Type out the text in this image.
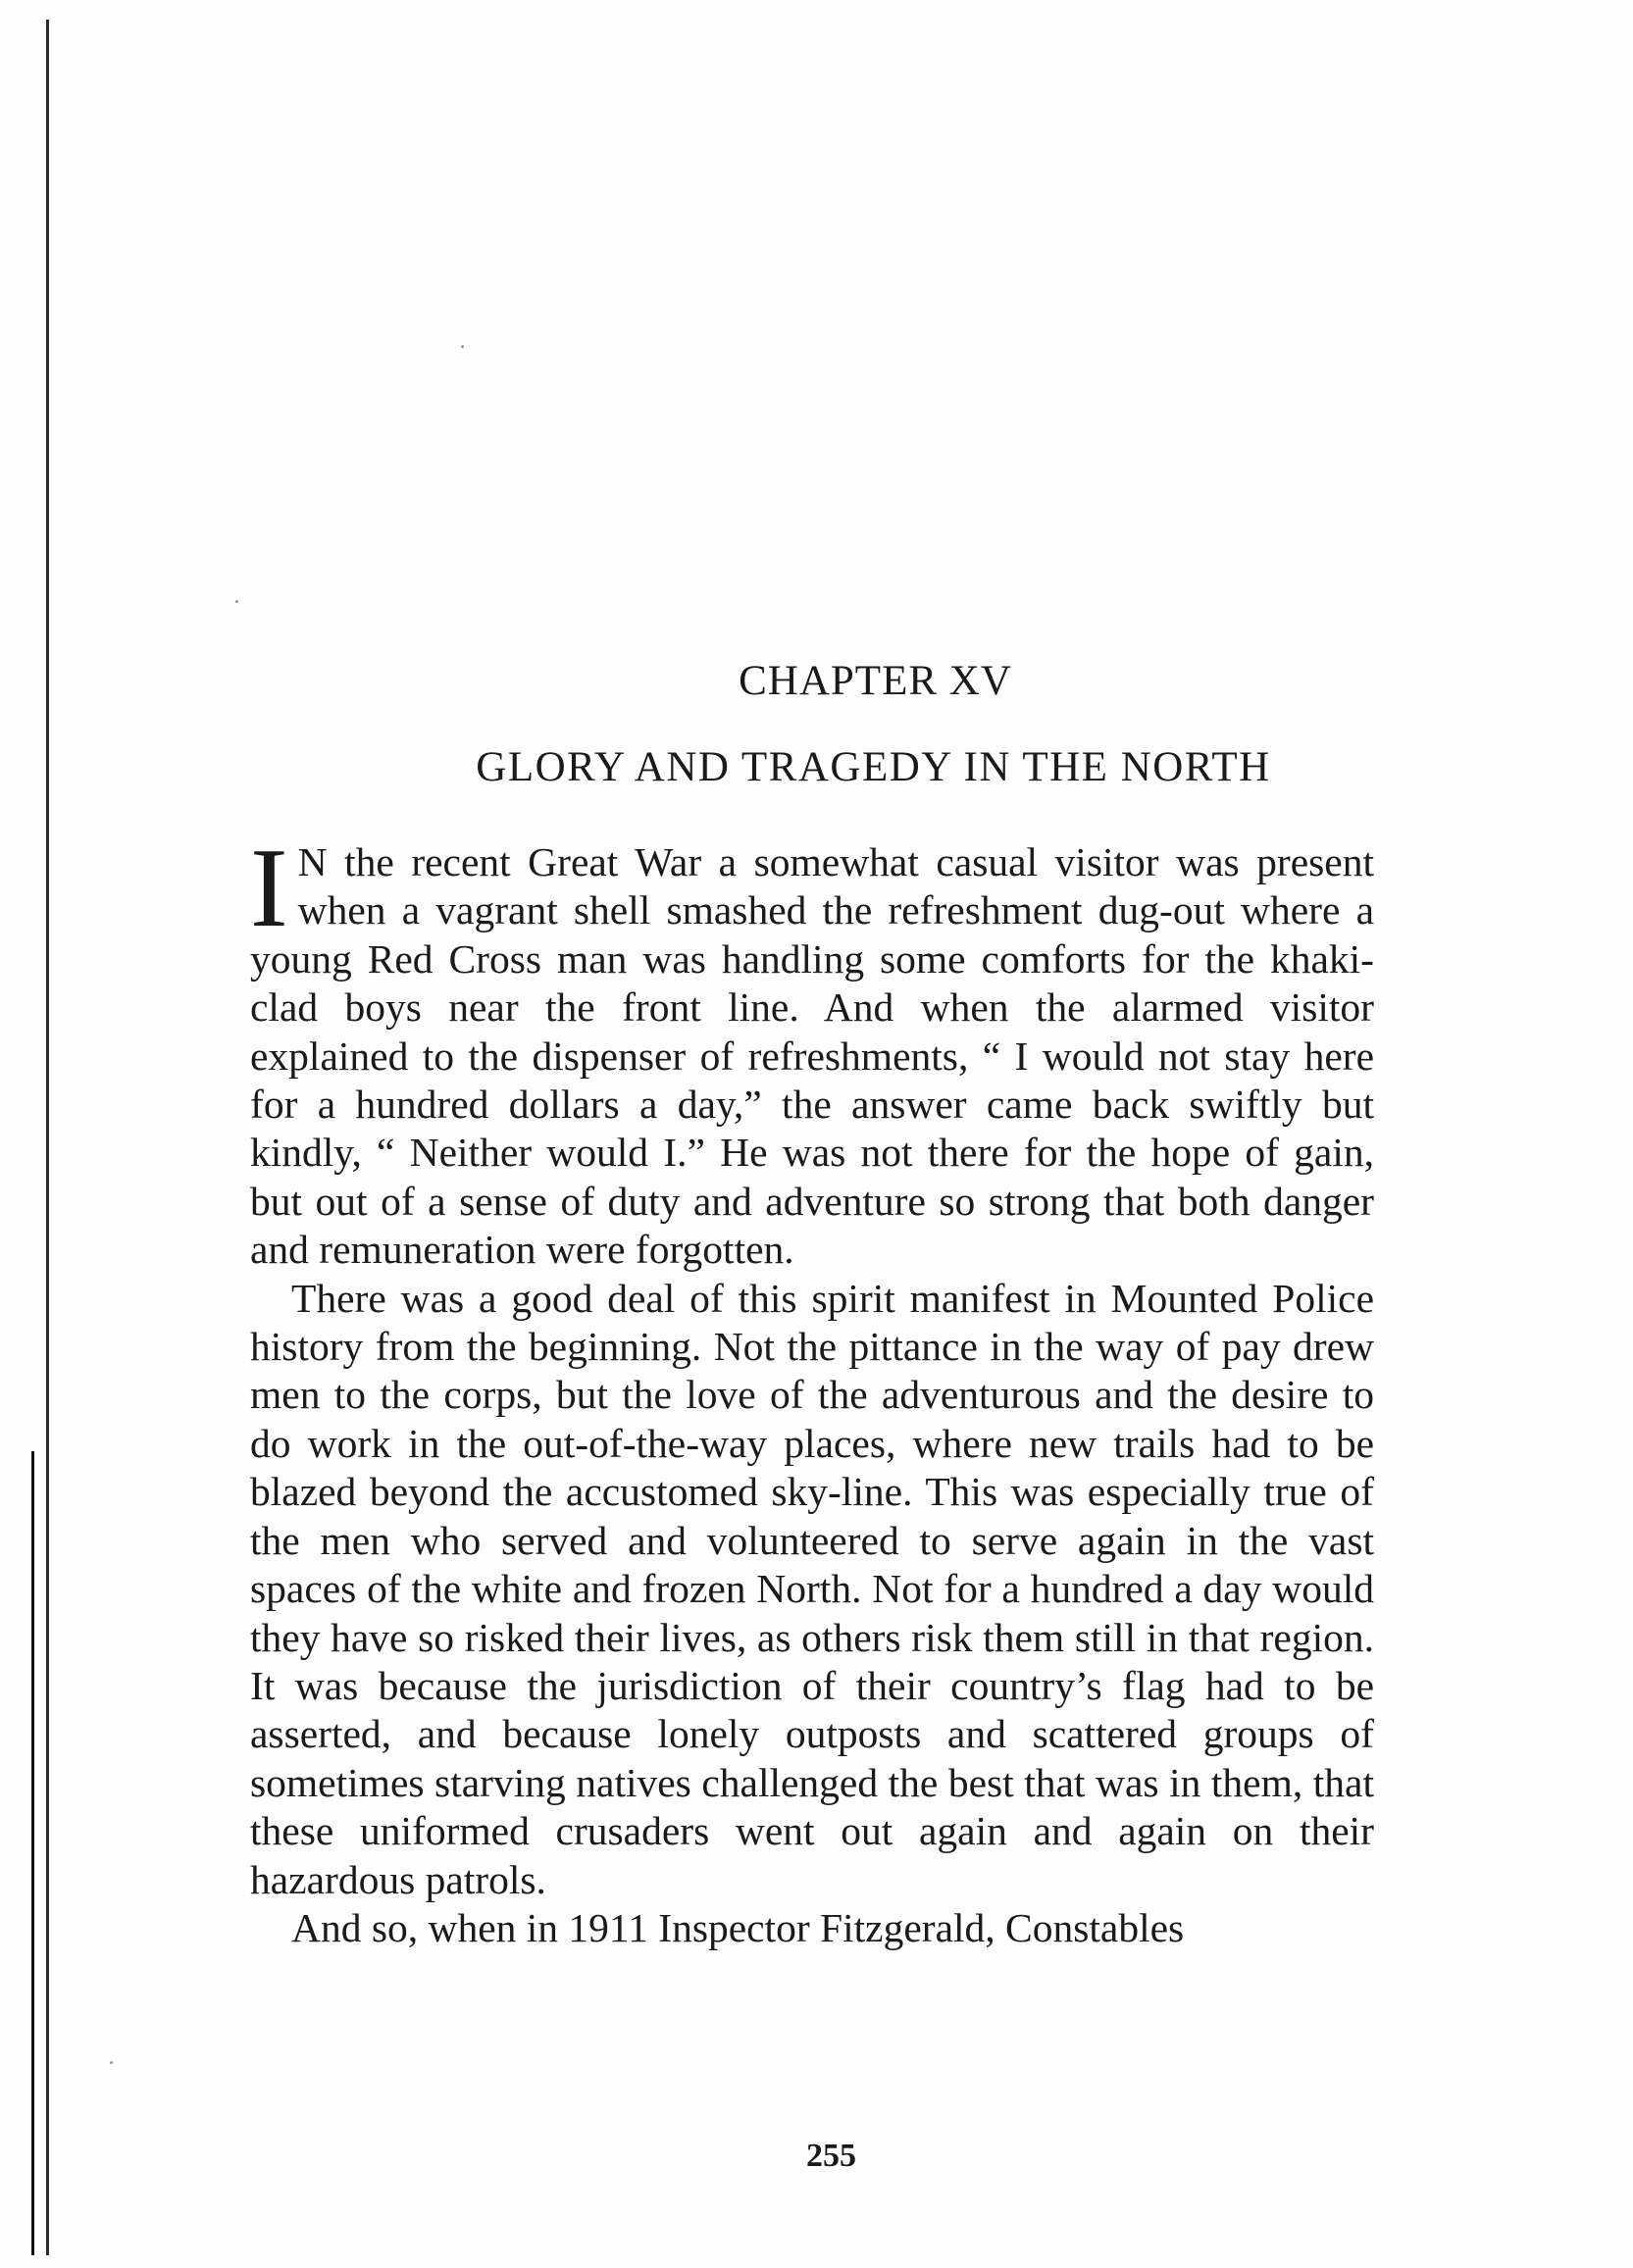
CHAPTER XV
GLORY AND TRAGEDY IN THE NORTH

I N the recent Great War a somewhat casual visitor was present when a vagrant shell smashed the refreshment dug-out where a young Red Cross man was handling some comforts for the khaki-clad boys near the front line. And when the alarmed visitor explained to the dispenser of refreshments, “ I would not stay here for a hundred dollars a day,” the answer came back swiftly but kindly, “ Neither would I.” He was not there for the hope of gain, but out of a sense of duty and adventure so strong that both danger and remuneration were forgotten.

There was a good deal of this spirit manifest in Mounted Police history from the beginning. Not the pittance in the way of pay drew men to the corps, but the love of the adventurous and the desire to do work in the out-of-the-way places, where new trails had to be blazed beyond the accustomed sky-line. This was especially true of the men who served and volunteered to serve again in the vast spaces of the white and frozen North. Not for a hundred a day would they have so risked their lives, as others risk them still in that region. It was because the jurisdiction of their country’s flag had to be asserted, and because lonely outposts and scattered groups of sometimes starving natives challenged the best that was in them, that these uniformed crusaders went out again and again on their hazardous patrols.

And so, when in 1911 Inspector Fitzgerald, Constables

255
